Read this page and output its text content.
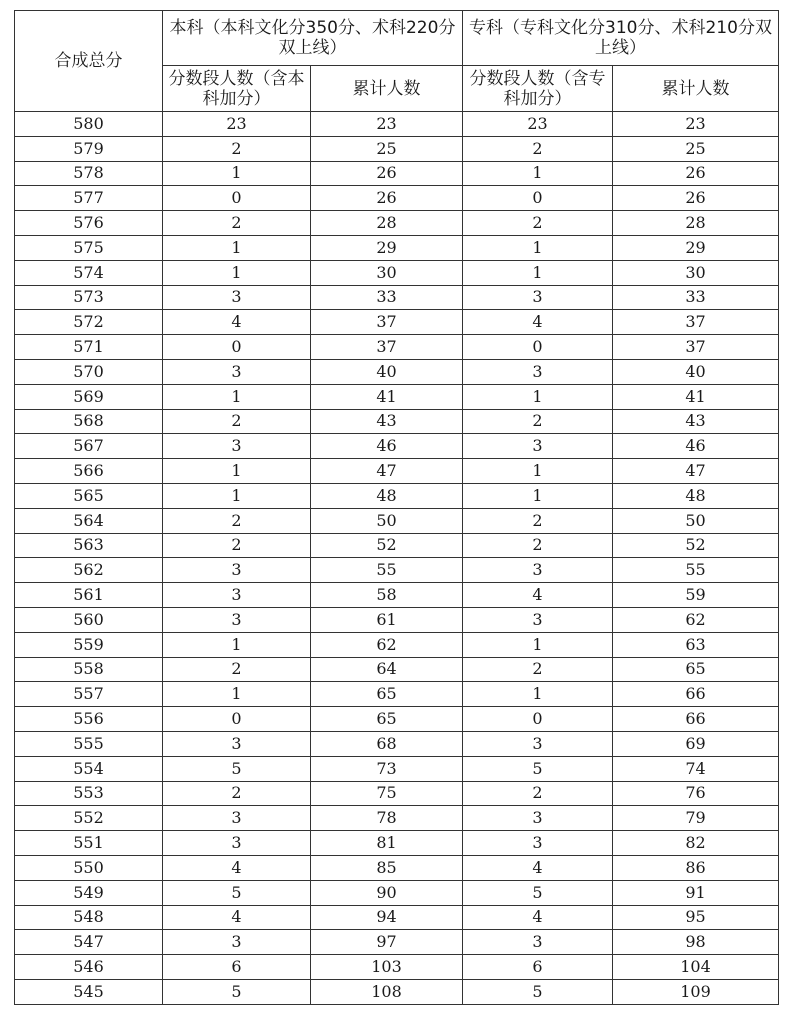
合成总分	本科（本科文化分350分、术科220分双上线）		专科（专科文化分310分、术科210分双上线）	
	分数段人数（含本科加分）	累计人数	分数段人数（含专科加分）	累计人数
580	23	23	23	23
579	2	25	2	25
578	1	26	1	26
577	0	26	0	26
576	2	28	2	28
575	1	29	1	29
574	1	30	1	30
573	3	33	3	33
572	4	37	4	37
571	0	37	0	37
570	3	40	3	40
569	1	41	1	41
568	2	43	2	43
567	3	46	3	46
566	1	47	1	47
565	1	48	1	48
564	2	50	2	50
563	2	52	2	52
562	3	55	3	55
561	3	58	4	59
560	3	61	3	62
559	1	62	1	63
558	2	64	2	65
557	1	65	1	66
556	0	65	0	66
555	3	68	3	69
554	5	73	5	74
553	2	75	2	76
552	3	78	3	79
551	3	81	3	82
550	4	85	4	86
549	5	90	5	91
548	4	94	4	95
547	3	97	3	98
546	6	103	6	104
545	5	108	5	109
